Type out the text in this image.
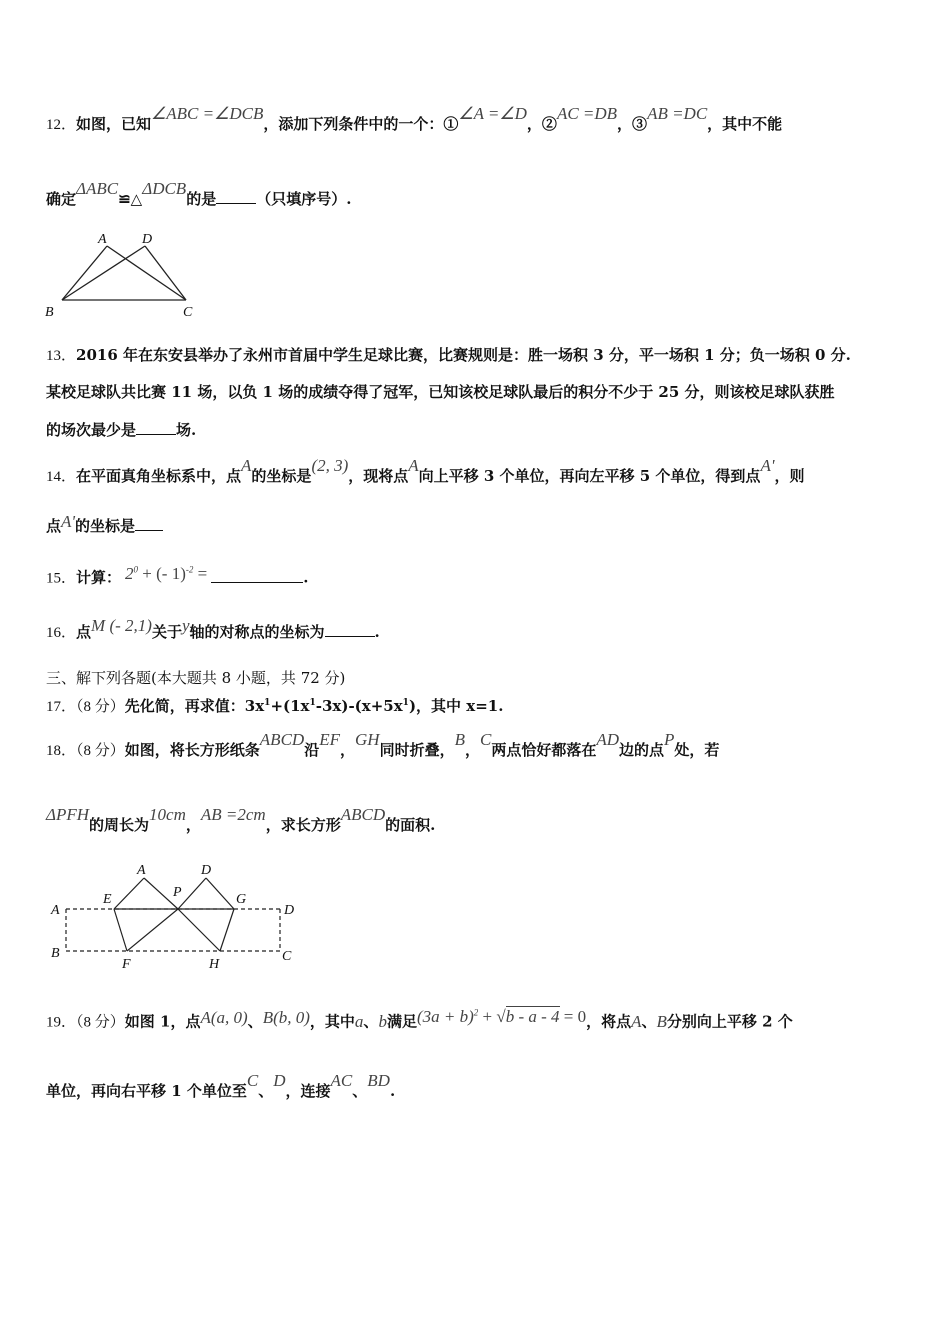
12．如图，已知∠ABC =∠DCB，添加下列条件中的一个：①∠A =∠D，②AC =DB，③AB =DC，其中不能
确定ΔABC≌△ΔDCB的是	（只填序号）.
A	D
B	C
13．2016 年在东安县举办了永州市首届中学生足球比赛，比赛规则是：胜一场积 3 分，平一场积 1 分；负一场积 0 分.
某校足球队共比赛 11 场，以负 1 场的成绩夺得了冠军，已知该校足球队最后的积分不少于 25 分，则该校足球队获胜
的场次最少是	场.
14．在平面真角坐标系中，点A的坐标是(2, 3)，现将点A向上平移 3 个单位，再向左平移 5 个单位，得到点A'，则
点A'的坐标是
15．计算： $2^0$ + (- 1)$^{-2}$ =	.
16．点M (- 2,1)关于y轴的对称点的坐标为	.
三、解下列各题(本大题共 8 小题，共 72 分)
17．（8 分）先化简，再求值：$3x^1+(1x^1-3x)-(x+5x^1)$，其中 x=1.
18．（8 分）如图，将长方形纸条ABCD沿EF，GH同时折叠，B，C两点恰好都落在AD边的点P处，若
ΔPFH的周长为10cm，AB =2cm，求长方形ABCD的面积.
A	D
E	P	G
A	D
B
F	H
C
19．（8 分）如图 1，点A(a, 0)、B(b, 0)，其中a、b满足$(3a + b)^2 + √b - a - 4 = 0$，将点A、B分别向上平移 2 个
单位，再向右平移 1 个单位至C、D，连接AC、BD.
